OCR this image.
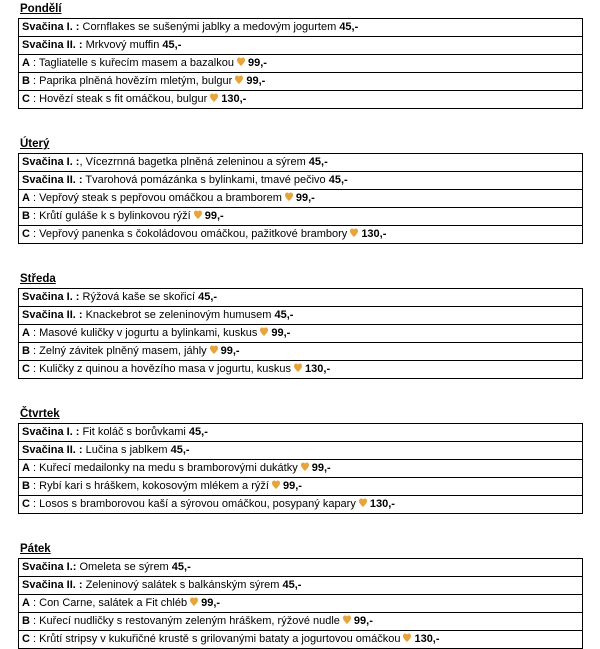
Pondělí
Svačina I. : Cornflakes se sušenými jablky a medovým jogurtem 45,-
Svačina II. : Mrkvový muffin 45,-
A : Tagliatelle s kuřecím masem a bazalkou 99,-
B : Paprika plněná hovězím mletým, bulgur 99,-
C : Hovězí steak s fit omáčkou, bulgur 130,-
Úterý
Svačina I. :, Vícezrnná bagetka plněná zeleninou a sýrem 45,-
Svačina II. : Tvarohová pomázánka s bylinkami, tmavé pečivo 45,-
A : Vepřový steak s pepřovou omáčkou a bramborem 99,-
B : Krůtí guláše k s bylinkovou rýží 99,-
C : Vepřový panenka s čokoládovou omáčkou, pažitkové brambory 130,-
Středa
Svačina I. : Rýžová kaše se skořicí 45,-
Svačina II. : Knackebrot se zeleninovým humusem 45,-
A : Masové kuličky v jogurtu a bylinkami, kuskus 99,-
B : Zelný závitek plněný masem, jáhly 99,-
C : Kuličky z quinou a hovězího masa v jogurtu, kuskus 130,-
Čtvrtek
Svačina I. : Fit koláč s borůvkami 45,-
Svačina II. : Lučina s jablkem 45,-
A : Kuřecí medailonky na medu s bramborovými dukátky 99,-
B : Rybí kari s hráškem, kokosovým mlékem a rýží 99,-
C : Losos s bramborovou kaší a sýrovou omáčkou, posypaný kapary 130,-
Pátek
Svačina I.: Omeleta se sýrem 45,-
Svačina II. : Zeleninový salátek s balkánským sýrem 45,-
A : Con Carne, salátek a Fit chléb 99,-
B : Kuřecí nudličky s restovaným zeleným hráškem, rýžové nudle 99,-
C : Krůtí stripsy v kukuřičné krustě s grilovanými bataty a jogurtovou omáčkou 130,-
